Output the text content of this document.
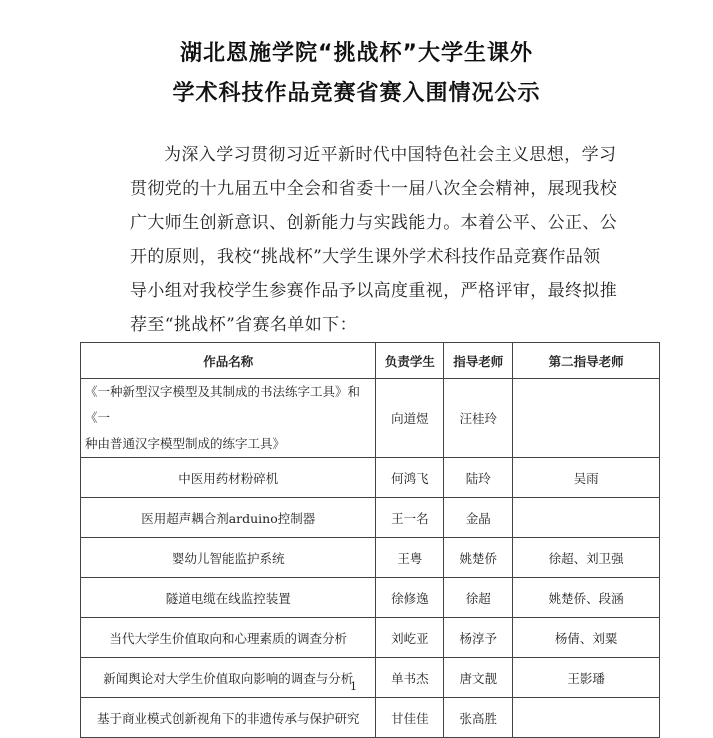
湖北恩施学院“挑战杯”大学生课外
学术科技作品竞赛省赛入围情况公示
为深入学习贯彻习近平新时代中国特色社会主义思想，学习
贯彻党的十九届五中全会和省委十一届八次全会精神，展现我校
广大师生创新意识、创新能力与实践能力。本着公平、公正、公
开的原则，我校“挑战杯”大学生课外学术科技作品竞赛作品领
导小组对我校学生参赛作品予以高度重视，严格评审，最终拟推
荐至“挑战杯”省赛名单如下：
作品名称	负责学生	指导老师	第二指导老师

《一种新型汉字模型及其制成的书法练字工具》和《一
种由普通汉字模型制成的练字工具》	向道煜	汪桂玲	
中医用药材粉碎机	何鸿飞	陆玲	吴雨
医用超声耦合剂arduino控制器	王一名	金晶	
婴幼儿智能监护系统	王粤	姚楚侨	徐超、刘卫强
隧道电缆在线监控装置	徐修逸	徐超	姚楚侨、段涵
当代大学生价值取向和心理素质的调查分析	刘屹亚	杨淳予	杨倩、刘粟
新闻舆论对大学生价值取向影响的调查与分析	单书杰	唐文靓	王影璠
基于商业模式创新视角下的非遗传承与保护研究	甘佳佳	张高胜	
1
